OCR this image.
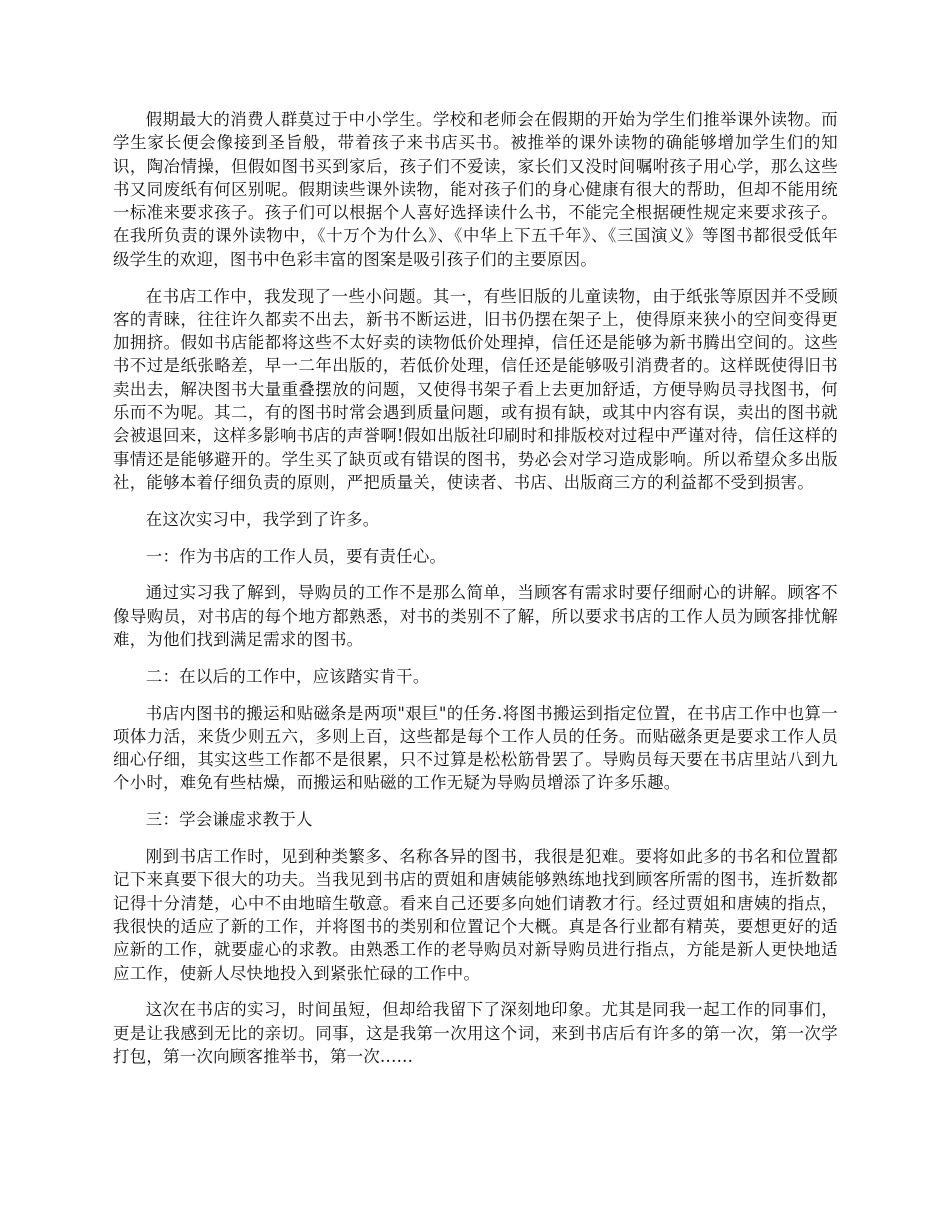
假期最大的消费人群莫过于中小学生。学校和老师会在假期的开始为学生们推举课外读物。而学生家长便会像接到圣旨般，带着孩子来书店买书。被推举的课外读物的确能够增加学生们的知识，陶冶情操，但假如图书买到家后，孩子们不爱读，家长们又没时间嘱咐孩子用心学，那么这些书又同废纸有何区别呢。假期读些课外读物，能对孩子们的身心健康有很大的帮助，但却不能用统一标准来要求孩子。孩子们可以根据个人喜好选择读什么书，不能完全根据硬性规定来要求孩子。在我所负责的课外读物中，《十万个为什么》、《中华上下五千年》、《三国演义》等图书都很受低年级学生的欢迎，图书中色彩丰富的图案是吸引孩子们的主要原因。

在书店工作中，我发现了一些小问题。其一，有些旧版的儿童读物，由于纸张等原因并不受顾客的青睐，往往许久都卖不出去，新书不断运进，旧书仍摆在架子上，使得原来狭小的空间变得更加拥挤。假如书店能都将这些不太好卖的读物低价处理掉，信任还是能够为新书腾出空间的。这些书不过是纸张略差，早一二年出版的，若低价处理，信任还是能够吸引消费者的。这样既使得旧书卖出去，解决图书大量重叠摆放的问题，又使得书架子看上去更加舒适，方便导购员寻找图书，何乐而不为呢。其二，有的图书时常会遇到质量问题，或有损有缺，或其中内容有误，卖出的图书就会被退回来，这样多影响书店的声誉啊!假如出版社印刷时和排版校对过程中严谨对待，信任这样的事情还是能够避开的。学生买了缺页或有错误的图书，势必会对学习造成影响。所以希望众多出版社，能够本着仔细负责的原则，严把质量关，使读者、书店、出版商三方的利益都不受到损害。

在这次实习中，我学到了许多。

一：作为书店的工作人员，要有责任心。

通过实习我了解到，导购员的工作不是那么简单，当顾客有需求时要仔细耐心的讲解。顾客不像导购员，对书店的每个地方都熟悉，对书的类别不了解，所以要求书店的工作人员为顾客排忧解难，为他们找到满足需求的图书。

二：在以后的工作中，应该踏实肯干。

书店内图书的搬运和贴磁条是两项"艰巨"的任务.将图书搬运到指定位置，在书店工作中也算一项体力活，来货少则五六，多则上百，这些都是每个工作人员的任务。而贴磁条更是要求工作人员细心仔细，其实这些工作都不是很累，只不过算是松松筋骨罢了。导购员每天要在书店里站八到九个小时，难免有些枯燥，而搬运和贴磁的工作无疑为导购员增添了许多乐趣。

三：学会谦虚求教于人

刚到书店工作时，见到种类繁多、名称各异的图书，我很是犯难。要将如此多的书名和位置都记下来真要下很大的功夫。当我见到书店的贾姐和唐姨能够熟练地找到顾客所需的图书，连折数都记得十分清楚，心中不由地暗生敬意。看来自己还要多向她们请教才行。经过贾姐和唐姨的指点，我很快的适应了新的工作，并将图书的类别和位置记个大概。真是各行业都有精英，要想更好的适应新的工作，就要虚心的求教。由熟悉工作的老导购员对新导购员进行指点，方能是新人更快地适应工作，使新人尽快地投入到紧张忙碌的工作中。

这次在书店的实习，时间虽短，但却给我留下了深刻地印象。尤其是同我一起工作的同事们，更是让我感到无比的亲切。同事，这是我第一次用这个词，来到书店后有许多的第一次，第一次学打包，第一次向顾客推举书，第一次......
